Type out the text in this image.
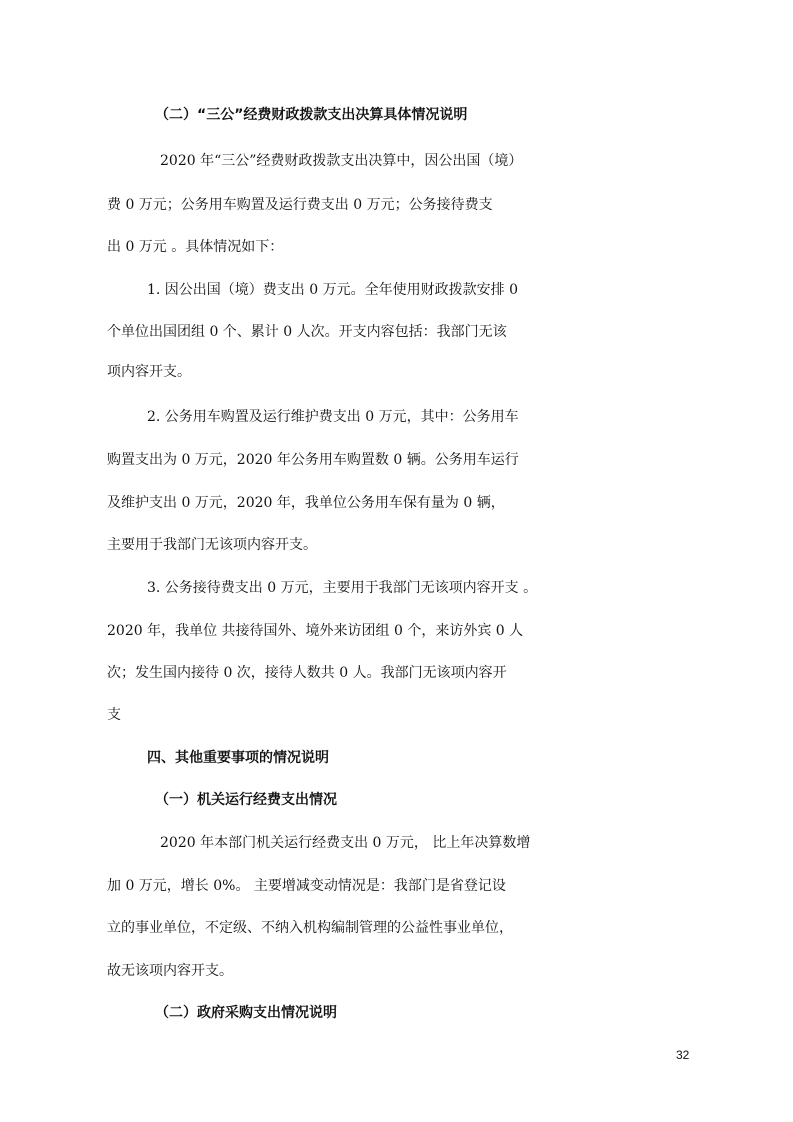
（二）“三公”经费财政拨款支出决算具体情况说明
2020 年“三公”经费财政拨款支出决算中，因公出国（境）
费 0 万元；公务用车购置及运行费支出 0 万元；公务接待费支
出 0 万元 。具体情况如下：
1. 因公出国（境）费支出 0 万元。全年使用财政拨款安排 0
个单位出国团组 0 个、累计 0 人次。开支内容包括：我部门无该
项内容开支。
2. 公务用车购置及运行维护费支出 0 万元，其中：公务用车
购置支出为 0 万元，2020 年公务用车购置数 0 辆。公务用车运行
及维护支出 0 万元，2020 年，我单位公务用车保有量为 0 辆，
主要用于我部门无该项内容开支。
3. 公务接待费支出 0 万元，主要用于我部门无该项内容开支 。
2020 年，我单位 共接待国外、境外来访团组 0 个，来访外宾 0 人
次；发生国内接待 0 次，接待人数共 0 人。我部门无该项内容开
支
四、其他重要事项的情况说明
（一）机关运行经费支出情况
2020 年本部门机关运行经费支出 0 万元， 比上年决算数增
加 0 万元，增长 0%。 主要增减变动情况是：我部门是省登记设
立的事业单位，不定级、不纳入机构编制管理的公益性事业单位，
故无该项内容开支。
（二）政府采购支出情况说明
32
